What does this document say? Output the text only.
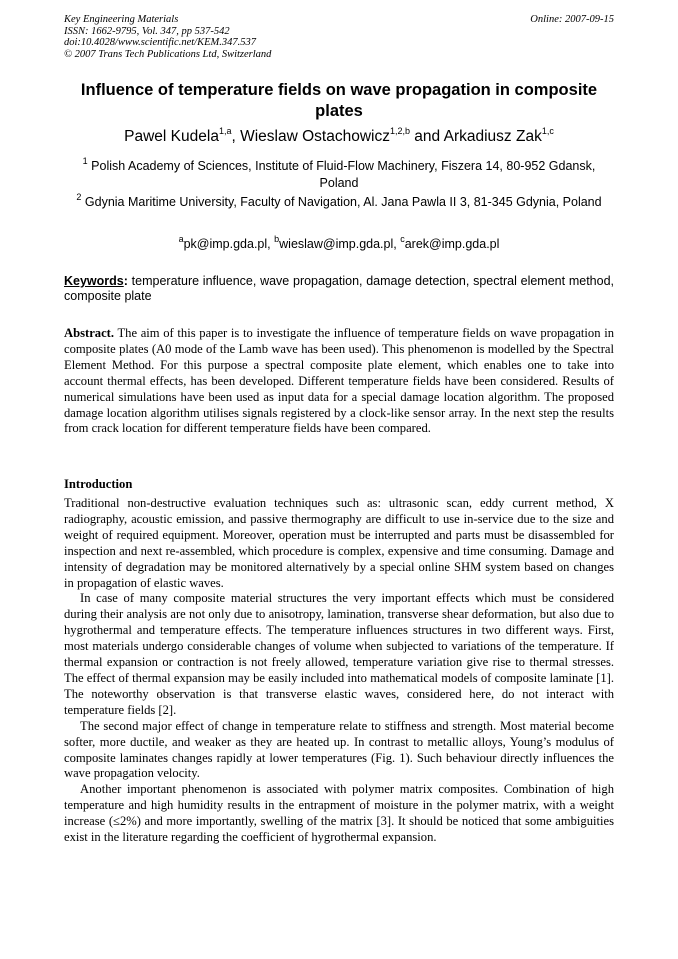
Key Engineering Materials
ISSN: 1662-9795, Vol. 347, pp 537-542
doi:10.4028/www.scientific.net/KEM.347.537
© 2007 Trans Tech Publications Ltd, Switzerland
Online: 2007-09-15
Influence of temperature fields on wave propagation in composite plates
Pawel Kudela$^{1,a}$, Wieslaw Ostachowicz$^{1,2,b}$ and Arkadiusz Zak$^{1,c}$
$^1$ Polish Academy of Sciences, Institute of Fluid-Flow Machinery, Fiszera 14, 80-952 Gdansk, Poland
$^2$ Gdynia Maritime University, Faculty of Navigation, Al. Jana Pawla II 3, 81-345 Gdynia, Poland
$^a$pk@imp.gda.pl, $^b$wieslaw@imp.gda.pl, $^c$arek@imp.gda.pl
Keywords: temperature influence, wave propagation, damage detection, spectral element method, composite plate
Abstract. The aim of this paper is to investigate the influence of temperature fields on wave propagation in composite plates (A0 mode of the Lamb wave has been used). This phenomenon is modelled by the Spectral Element Method. For this purpose a spectral composite plate element, which enables one to take into account thermal effects, has been developed. Different temperature fields have been considered. Results of numerical simulations have been used as input data for a special damage location algorithm. The proposed damage location algorithm utilises signals registered by a clock-like sensor array. In the next step the results from crack location for different temperature fields have been compared.
Introduction

Traditional non-destructive evaluation techniques such as: ultrasonic scan, eddy current method, X radiography, acoustic emission, and passive thermography are difficult to use in-service due to the size and weight of required equipment. Moreover, operation must be interrupted and parts must be disassembled for inspection and next re-assembled, which procedure is complex, expensive and time consuming. Damage and intensity of degradation may be monitored alternatively by a special online SHM system based on changes in propagation of elastic waves.

In case of many composite material structures the very important effects which must be considered during their analysis are not only due to anisotropy, lamination, transverse shear deformation, but also due to hygrothermal and temperature effects. The temperature influences structures in two different ways. First, most materials undergo considerable changes of volume when subjected to variations of the temperature. If thermal expansion or contraction is not freely allowed, temperature variation give rise to thermal stresses. The effect of thermal expansion may be easily included into mathematical models of composite laminate [1]. The noteworthy observation is that transverse elastic waves, considered here, do not interact with temperature fields [2].

The second major effect of change in temperature relate to stiffness and strength. Most material become softer, more ductile, and weaker as they are heated up. In contrast to metallic alloys, Young’s modulus of composite laminates changes rapidly at lower temperatures (Fig. 1). Such behaviour directly influences the wave propagation velocity.

Another important phenomenon is associated with polymer matrix composites. Combination of high temperature and high humidity results in the entrapment of moisture in the polymer matrix, with a weight increase (≤2%) and more importantly, swelling of the matrix [3]. It should be noticed that some ambiguities exist in the literature regarding the coefficient of hygrothermal expansion.
